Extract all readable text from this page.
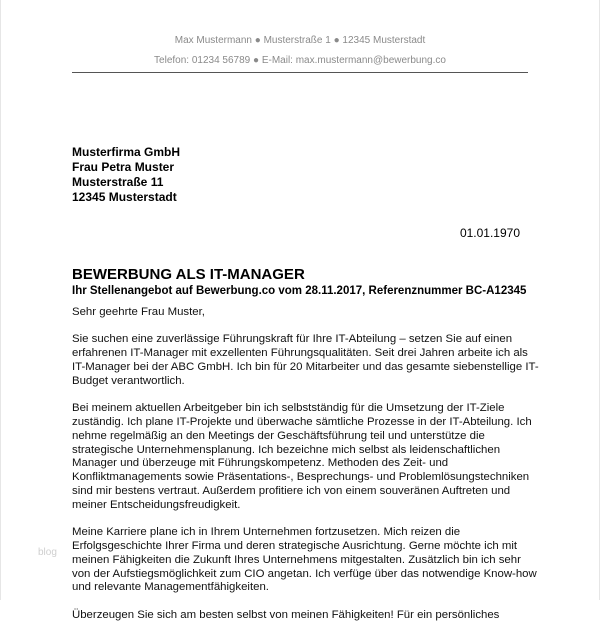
Max Mustermann ● Musterstraße 1 ● 12345 Musterstadt
Telefon: 01234 56789 ● E-Mail: max.mustermann@bewerbung.co
Musterfirma GmbH
Frau Petra Muster
Musterstraße 11
12345 Musterstadt
01.01.1970
BEWERBUNG ALS IT-MANAGER
Ihr Stellenangebot auf Bewerbung.co vom 28.11.2017, Referenznummer BC-A12345

Sehr geehrte Frau Muster,

Sie suchen eine zuverlässige Führungskraft für Ihre IT-Abteilung – setzen Sie auf einen
erfahrenen IT-Manager mit exzellenten Führungsqualitäten. Seit drei Jahren arbeite ich als
IT-Manager bei der ABC GmbH. Ich bin für 20 Mitarbeiter und das gesamte siebenstellige IT-
Budget verantwortlich.

Bei meinem aktuellen Arbeitgeber bin ich selbstständig für die Umsetzung der IT-Ziele
zuständig. Ich plane IT-Projekte und überwache sämtliche Prozesse in der IT-Abteilung. Ich
nehme regelmäßig an den Meetings der Geschäftsführung teil und unterstütze die
strategische Unternehmensplanung. Ich bezeichne mich selbst als leidenschaftlichen
Manager und überzeuge mit Führungskompetenz. Methoden des Zeit- und
Konfliktmanagements sowie Präsentations-, Besprechungs- und Problemlösungstechniken
sind mir bestens vertraut. Außerdem profitiere ich von einem souveränen Auftreten und
meiner Entscheidungsfreudigkeit.

Meine Karriere plane ich in Ihrem Unternehmen fortzusetzen. Mich reizen die
Erfolgsgeschichte Ihrer Firma und deren strategische Ausrichtung. Gerne möchte ich mit
meinen Fähigkeiten die Zukunft Ihres Unternehmens mitgestalten. Zusätzlich bin ich sehr
von der Aufstiegsmöglichkeit zum CIO angetan. Ich verfüge über das notwendige Know-how
und relevante Managementfähigkeiten.

Überzeugen Sie sich am besten selbst von meinen Fähigkeiten! Für ein persönliches

blog
